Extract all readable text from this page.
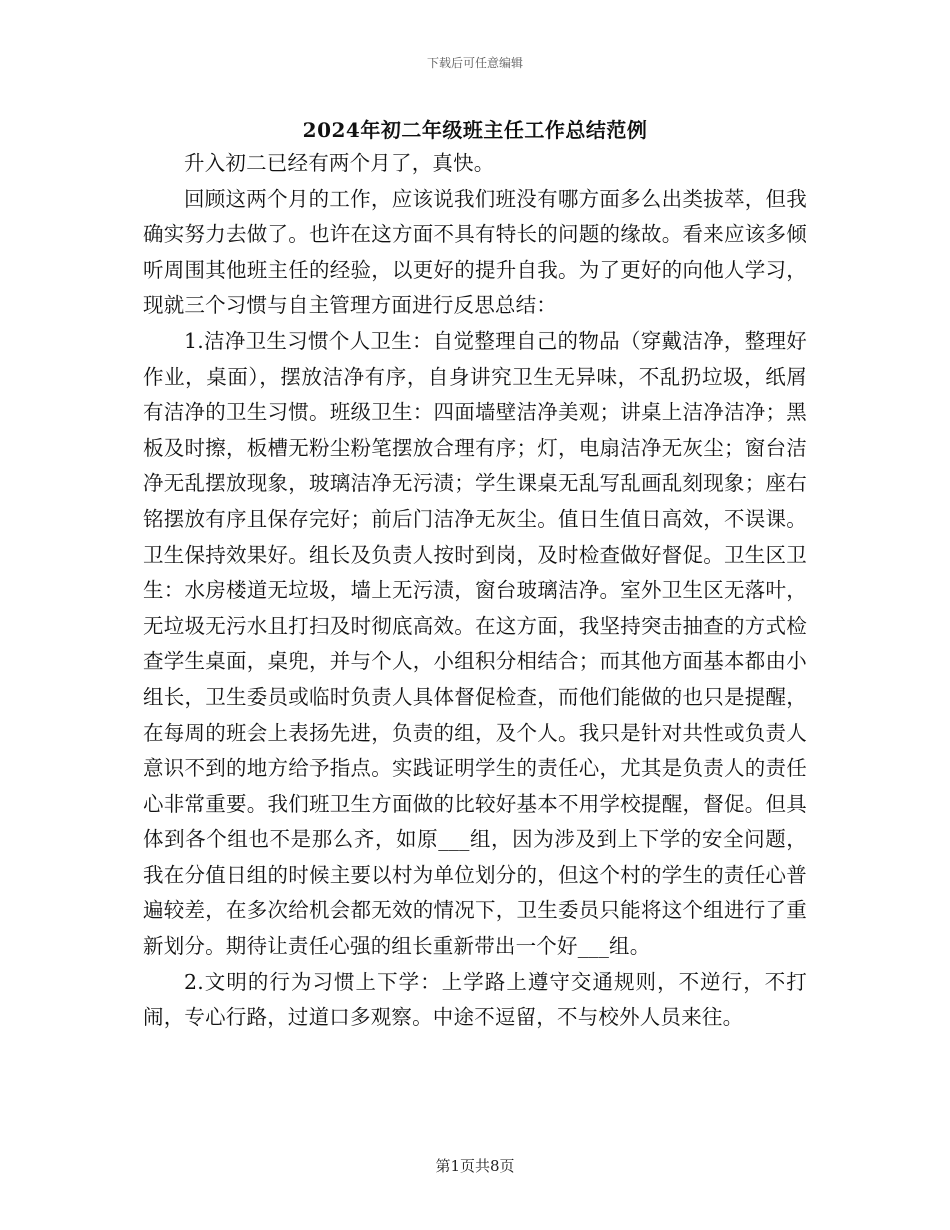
下载后可任意编辑
2024年初二年级班主任工作总结范例

升入初二已经有两个月了，真快。

回顾这两个月的工作，应该说我们班没有哪方面多么出类拔萃，但我确实努力去做了。也许在这方面不具有特长的问题的缘故。看来应该多倾听周围其他班主任的经验，以更好的提升自我。为了更好的向他人学习，现就三个习惯与自主管理方面进行反思总结：

1.洁净卫生习惯个人卫生：自觉整理自己的物品（穿戴洁净，整理好作业，桌面），摆放洁净有序，自身讲究卫生无异味，不乱扔垃圾，纸屑有洁净的卫生习惯。班级卫生：四面墙壁洁净美观；讲桌上洁净洁净；黑板及时擦，板槽无粉尘粉笔摆放合理有序；灯，电扇洁净无灰尘；窗台洁净无乱摆放现象，玻璃洁净无污渍；学生课桌无乱写乱画乱刻现象；座右铭摆放有序且保存完好；前后门洁净无灰尘。值日生值日高效，不误课。卫生保持效果好。组长及负责人按时到岗，及时检查做好督促。卫生区卫生：水房楼道无垃圾，墙上无污渍，窗台玻璃洁净。室外卫生区无落叶，无垃圾无污水且打扫及时彻底高效。在这方面，我坚持突击抽查的方式检查学生桌面，桌兜，并与个人，小组积分相结合；而其他方面基本都由小组长，卫生委员或临时负责人具体督促检查，而他们能做的也只是提醒，在每周的班会上表扬先进，负责的组，及个人。我只是针对共性或负责人意识不到的地方给予指点。实践证明学生的责任心，尤其是负责人的责任心非常重要。我们班卫生方面做的比较好基本不用学校提醒，督促。但具体到各个组也不是那么齐，如原___组，因为涉及到上下学的安全问题，我在分值日组的时候主要以村为单位划分的，但这个村的学生的责任心普遍较差，在多次给机会都无效的情况下，卫生委员只能将这个组进行了重新划分。期待让责任心强的组长重新带出一个好___组。

2.文明的行为习惯上下学：上学路上遵守交通规则，不逆行，不打闹，专心行路，过道口多观察。中途不逗留，不与校外人员来往。

第1页共8页
